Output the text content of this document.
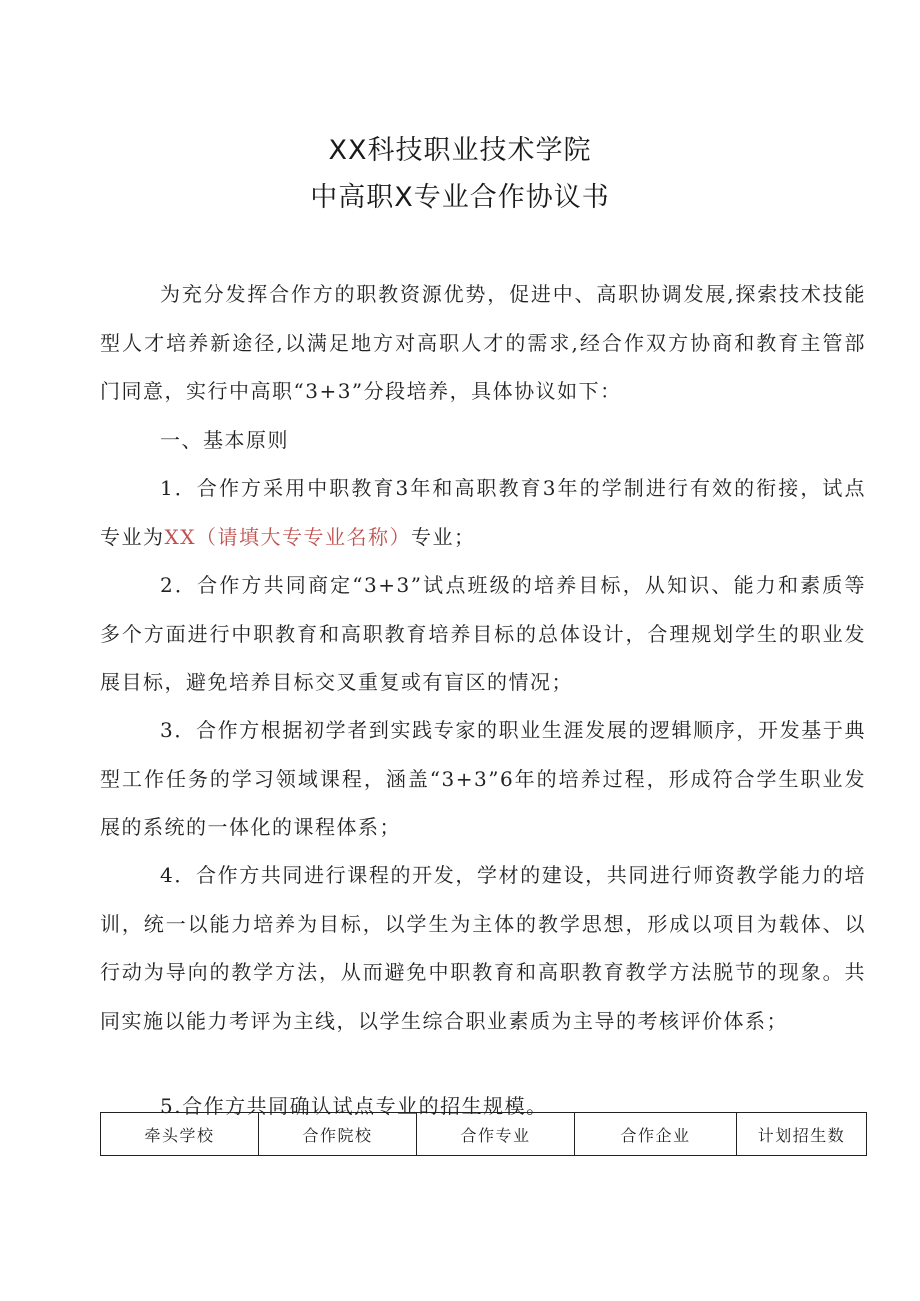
XX科技职业技术学院
中高职X专业合作协议书
为充分发挥合作方的职教资源优势，促进中、高职协调发展,探索技术技能型人才培养新途径,以满足地方对高职人才的需求,经合作双方协商和教育主管部门同意，实行中高职“3+3”分段培养，具体协议如下：
一、基本原则
1．合作方采用中职教育3年和高职教育3年的学制进行有效的衔接，试点专业为XX（请填大专专业名称）专业；
2．合作方共同商定“3+3”试点班级的培养目标，从知识、能力和素质等多个方面进行中职教育和高职教育培养目标的总体设计，合理规划学生的职业发展目标，避免培养目标交叉重复或有盲区的情况；
3．合作方根据初学者到实践专家的职业生涯发展的逻辑顺序，开发基于典型工作任务的学习领域课程，涵盖“3+3”6年的培养过程，形成符合学生职业发展的系统的一体化的课程体系；
4．合作方共同进行课程的开发，学材的建设，共同进行师资教学能力的培训，统一以能力培养为目标，以学生为主体的教学思想，形成以项目为载体、以行动为导向的教学方法，从而避免中职教育和高职教育教学方法脱节的现象。共同实施以能力考评为主线，以学生综合职业素质为主导的考核评价体系；
5.合作方共同确认试点专业的招生规模。
牵头学校	合作院校	合作专业	合作企业	计划招生数
